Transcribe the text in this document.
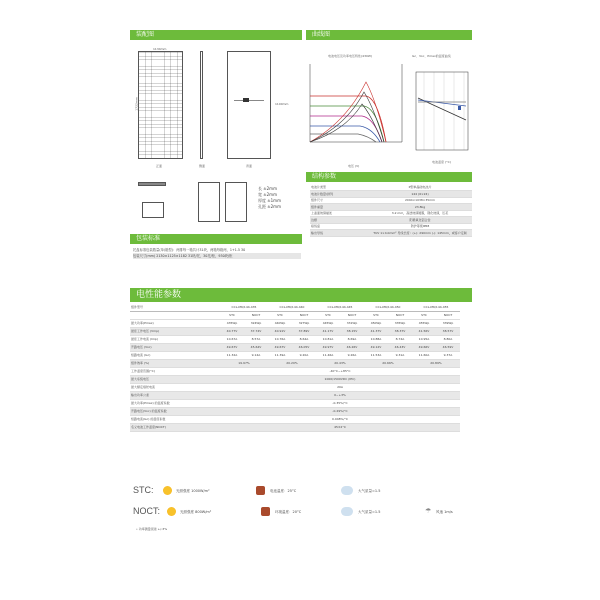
装配图	曲线图
结构参数
包装标准
电性能参数
1134mm
1722mm	1100mm
正面	侧面	背面
长 ±2mm
宽 ±2mm
厚度 ±1mm
孔距 ±2mm
电池电压及功率电压特性(430W)	Isc、Voc、Pmax的温度曲线
电压 (V)
电池温度 (°C)
电池片类型	P型单晶硅电池片
电池片数量/排列	144 (6×24)
组件尺寸	2094×1038×35mm
组件重量	23.8kg
上盖面玻璃描述	3.2 mm，高透玻璃镀膜，钢化玻璃，压花
边框	阳极氧化铝合金
接线盒	防护等级IP68
输出导线	TUV 1×4.0mm² 导线长度：(+): 290mm (-): 145mm，或客户定制
托盘标准包装数量(单/箱型)：两排每一箱共计31块，两箱每箱两，1+1.5 30
包装尺寸(mm) 2130×1125×1182 31块/托，30托/柜，930块/柜
组件型号	CCL-M6/144-435		CCL-M6/144-440		CCL-M6/144-445		CCL-M6/144-450		CCL-M6/144-455	
	STC	NOCT	STC	NOCT	STC	NOCT	STC	NOCT	STC	NOCT
最大功率(Pmax)	435Wp	324Wp	440Wp	327Wp	445Wp	331Wp	450Wp	335Wp	455Wp	339Wp
最佳工作电压 (Vmp)	40.77V	37.74V	40.91V	37.89V	41.17V	38.15V	41.37V	38.37V	41.56V	38.57V
最佳工作电流 (Imp)	10.67A	8.57A	10.76A	8.64A	10.81A	8.69A	10.88A	8.74A	10.95A	8.80A
开路电压 (Voc)	49.67V	45.64V	49.67V	46.05V	49.97V	46.26V	49.12V	46.43V	49.66V	46.59V
短路电流 (Isc)	11.32A	9.14A	11.39A	9.20A	11.46A	9.26A	11.53A	9.31A	11.60A	9.37A
组件效率 (%)	19.97%		20.20%		20.43%		20.66%		20.89%	
工作温度范围(°C)	-40°C~+85°C									
最大系统电压	1000/1500VDC (IEC)									
最大额定熔丝电流	20A									
输出功率公差	0~+3%									
最大功率(Pmax) 的温度系数	-0.35%/°C									
开路电压(Voc) 的温度系数	-0.29%/°C									
短路电流(Isc) 的温度系数	0.048%/°C									
名义电池工作温度(NOCT)	45±2°C									
STC:	光照强度 1000W/m²	电池温度：25°C	大气质量=1.5
NOCT:	光照强度 800W/m²	环境温度：20°C	大气质量=1.5	☂ 风速 1m/s
• 功率测量误差 +/-3%
